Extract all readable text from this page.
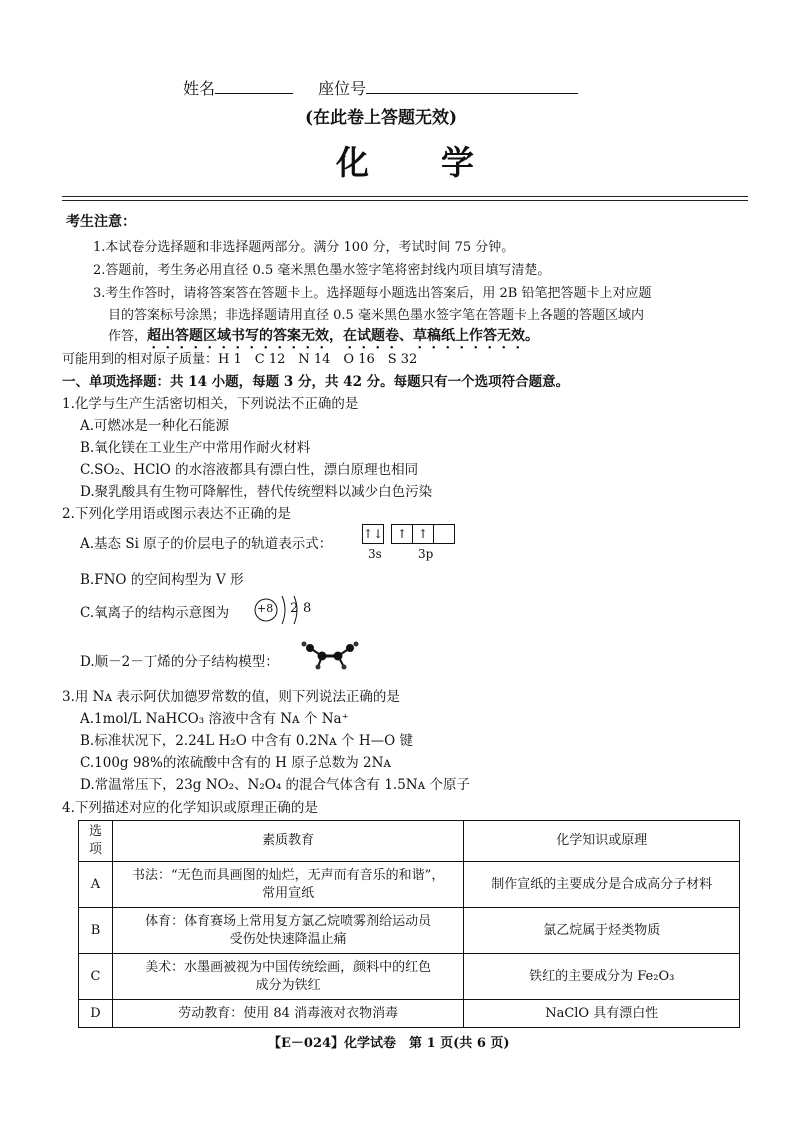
姓名	座位号
(在此卷上答题无效)
化　　学
考生注意：
1.本试卷分选择题和非选择题两部分。满分 100 分，考试时间 75 分钟。
2.答题前，考生务必用直径 0.5 毫米黑色墨水签字笔将密封线内项目填写清楚。
3.考生作答时，请将答案答在答题卡上。选择题每小题选出答案后，用 2B 铅笔把答题卡上对应题
目的答案标号涂黑；非选择题请用直径 0.5 毫米黑色墨水签字笔在答题卡上各题的答题区域内
作答，超出答题区域书写的答案无效，在试题卷、草稿纸上作答无效。
可能用到的相对原子质量：H 1　C 12　N 14　O 16　S 32
一、单项选择题：共 14 小题，每题 3 分，共 42 分。每题只有一个选项符合题意。
1.化学与生产生活密切相关，下列说法不正确的是
A.可燃冰是一种化石能源
B.氧化镁在工业生产中常用作耐火材料
C.SO₂、HClO 的水溶液都具有漂白性，漂白原理也相同
D.聚乳酸具有生物可降解性，替代传统塑料以减少白色污染
2.下列化学用语或图示表达不正确的是
A.基态 Si 原子的价层电子的轨道表示式：
↑↓ ↑ ↑
3s	3p
B.FNO 的空间构型为 V 形
C.氧离子的结构示意图为	+8 2 8
D.顺－2－丁烯的分子结构模型：
3.用 Nᴀ 表示阿伏加德罗常数的值，则下列说法正确的是
A.1mol/L NaHCO₃ 溶液中含有 Nᴀ 个 Na⁺
B.标准状况下，2.24L H₂O 中含有 0.2Nᴀ 个 H—O 键
C.100g 98%的浓硫酸中含有的 H 原子总数为 2Nᴀ
D.常温常压下，23g NO₂、N₂O₄ 的混合气体含有 1.5Nᴀ 个原子
4.下列描述对应的化学知识或原理正确的是
选项	素质教育	化学知识或原理
A	书法：“无色而具画图的灿烂，无声而有音乐的和谐”，
常用宣纸	制作宣纸的主要成分是合成高分子材料
B	体育：体育赛场上常用复方氯乙烷喷雾剂给运动员
受伤处快速降温止痛	氯乙烷属于烃类物质
C	美术：水墨画被视为中国传统绘画，颜料中的红色
成分为铁红	铁红的主要成分为 Fe₂O₃
D	劳动教育：使用 84 消毒液对衣物消毒	NaClO 具有漂白性
【E－024】化学试卷　第 1 页(共 6 页)
